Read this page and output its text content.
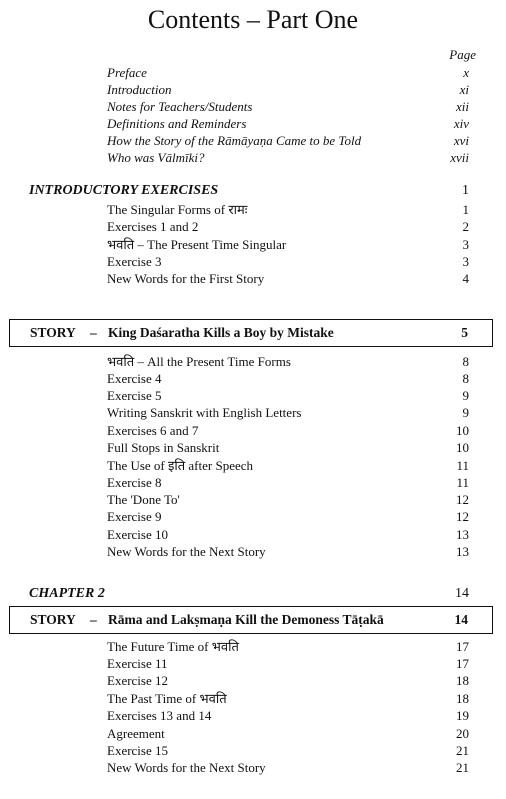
Contents – Part One
Page
Preface	x
Introduction	xi
Notes for Teachers/Students	xii
Definitions and Reminders	xiv
How the Story of the Rāmāyaṇa Came to be Told	xvi
Who was Vālmīki?	xvii
INTRODUCTORY EXERCISES	1
The Singular Forms of रामः	1
Exercises 1 and 2	2
भवति – The Present Time Singular	3
Exercise 3	3
New Words for the First Story	4
STORY – King Daśaratha Kills a Boy by Mistake	5
भवति – All the Present Time Forms	8
Exercise 4	8
Exercise 5	9
Writing Sanskrit with English Letters	9
Exercises 6 and 7	10
Full Stops in Sanskrit	10
The Use of इति after Speech	11
Exercise 8	11
The 'Done To'	12
Exercise 9	12
Exercise 10	13
New Words for the Next Story	13
CHAPTER 2	14
STORY – Rāma and Lakṣmaṇa Kill the Demoness Tāṭakā	14
The Future Time of भवति	17
Exercise 11	17
Exercise 12	18
The Past Time of भवति	18
Exercises 13 and 14	19
Agreement	20
Exercise 15	21
New Words for the Next Story	21
